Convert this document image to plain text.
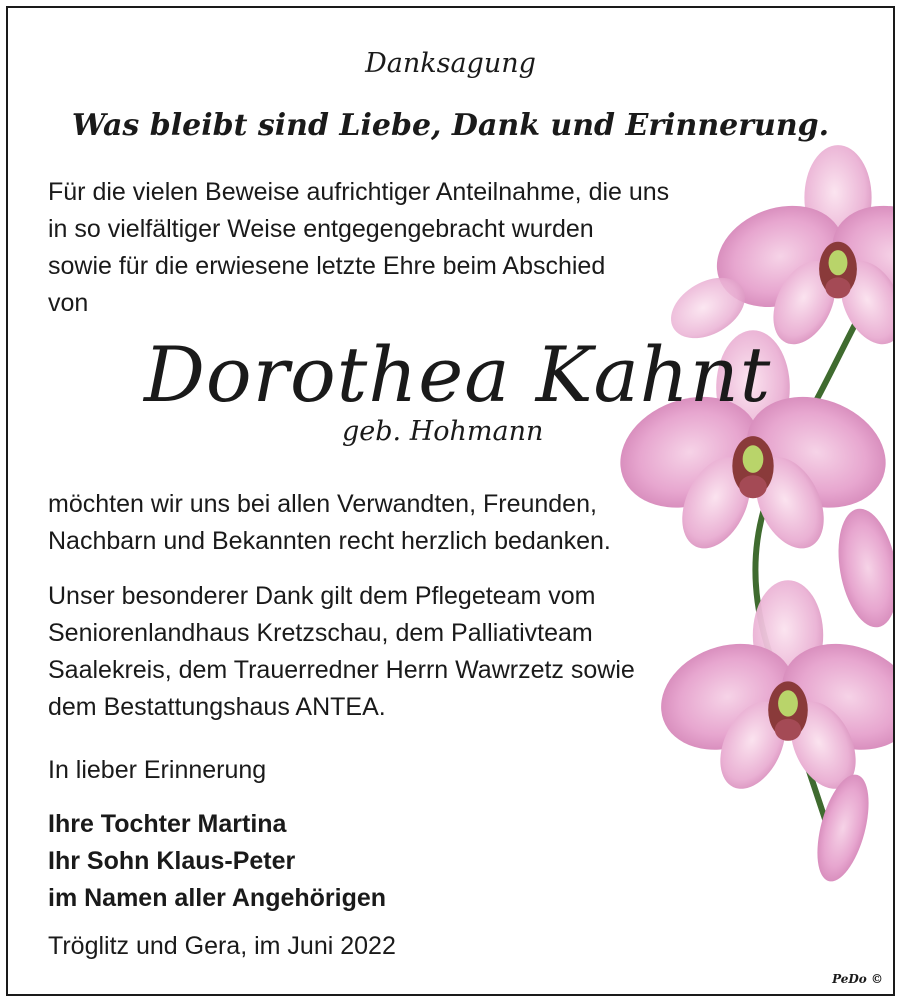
Danksagung
Was bleibt sind Liebe, Dank und Erinnerung.
Für die vielen Beweise aufrichtiger Anteilnahme, die uns
in so vielfältiger Weise entgegengebracht wurden
sowie für die erwiesene letzte Ehre beim Abschied
von
Dorothea Kahnt
geb. Hohmann
möchten wir uns bei allen Verwandten, Freunden,
Nachbarn und Bekannten recht herzlich bedanken.
Unser besonderer Dank gilt dem Pflegeteam vom
Seniorenlandhaus Kretzschau, dem Palliativteam
Saalekreis, dem Trauerredner Herrn Wawrzetz sowie
dem Bestattungshaus ANTEA.
In lieber Erinnerung
Ihre Tochter Martina
Ihr Sohn Klaus-Peter
im Namen aller Angehörigen
Tröglitz und Gera, im Juni 2022
PeDo ©
